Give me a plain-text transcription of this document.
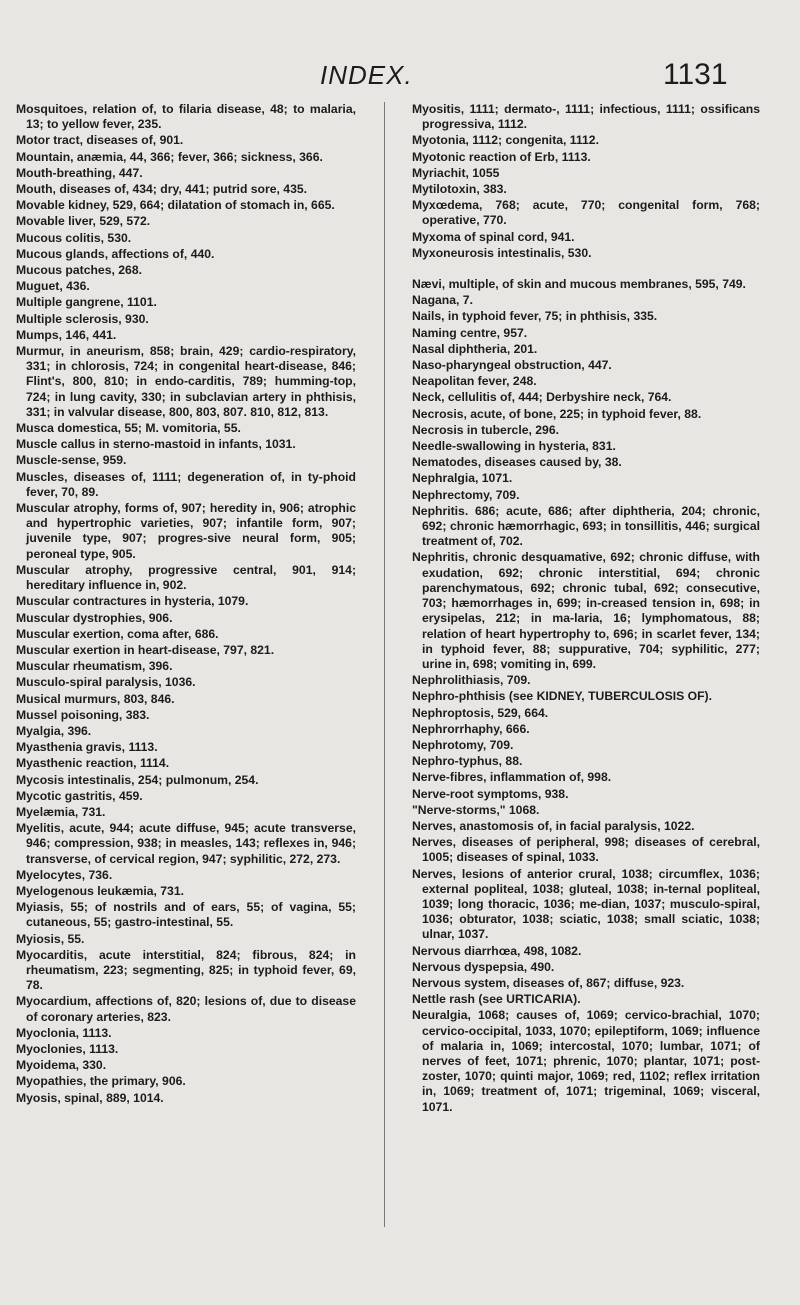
INDEX.	1131

Mosquitoes, relation of, to filaria disease, 48; to malaria, 13; to yellow fever, 235.

Motor tract, diseases of, 901.

Mountain, anæmia, 44, 366; fever, 366; sickness, 366.

Mouth-breathing, 447.

Mouth, diseases of, 434; dry, 441; putrid sore, 435.

Movable kidney, 529, 664; dilatation of stomach in, 665.

Movable liver, 529, 572.

Mucous colitis, 530.

Mucous glands, affections of, 440.

Mucous patches, 268.

Muguet, 436.

Multiple gangrene, 1101.

Multiple sclerosis, 930.

Mumps, 146, 441.

Murmur, in aneurism, 858; brain, 429; cardio-respiratory, 331; in chlorosis, 724; in congenital heart-disease, 846; Flint's, 800, 810; in endo-carditis, 789; humming-top, 724; in lung cavity, 330; in subclavian artery in phthisis, 331; in valvular disease, 800, 803, 807. 810, 812, 813.

Musca domestica, 55; M. vomitoria, 55.

Muscle callus in sterno-mastoid in infants, 1031.

Muscle-sense, 959.

Muscles, diseases of, 1111; degeneration of, in ty-phoid fever, 70, 89.

Muscular atrophy, forms of, 907; heredity in, 906; atrophic and hypertrophic varieties, 907; infantile form, 907; juvenile type, 907; progres-sive neural form, 905; peroneal type, 905.

Muscular atrophy, progressive central, 901, 914; hereditary influence in, 902.

Muscular contractures in hysteria, 1079.

Muscular dystrophies, 906.

Muscular exertion, coma after, 686.

Muscular exertion in heart-disease, 797, 821.

Muscular rheumatism, 396.

Musculo-spiral paralysis, 1036.

Musical murmurs, 803, 846.

Mussel poisoning, 383.

Myalgia, 396.

Myasthenia gravis, 1113.

Myasthenic reaction, 1114.

Mycosis intestinalis, 254; pulmonum, 254.

Mycotic gastritis, 459.

Myelæmia, 731.

Myelitis, acute, 944; acute diffuse, 945; acute transverse, 946; compression, 938; in measles, 143; reflexes in, 946; transverse, of cervical region, 947; syphilitic, 272, 273.

Myelocytes, 736.

Myelogenous leukæmia, 731.

Myiasis, 55; of nostrils and of ears, 55; of vagina, 55; cutaneous, 55; gastro-intestinal, 55.

Myiosis, 55.

Myocarditis, acute interstitial, 824; fibrous, 824; in rheumatism, 223; segmenting, 825; in typhoid fever, 69, 78.

Myocardium, affections of, 820; lesions of, due to disease of coronary arteries, 823.

Myoclonia, 1113.

Myoclonies, 1113.

Myoidema, 330.

Myopathies, the primary, 906.

Myosis, spinal, 889, 1014.

Myositis, 1111; dermato-, 1111; infectious, 1111; ossificans progressiva, 1112.

Myotonia, 1112; congenita, 1112.

Myotonic reaction of Erb, 1113.

Myriachit, 1055

Mytilotoxin, 383.

Myxœdema, 768; acute, 770; congenital form, 768; operative, 770.

Myxoma of spinal cord, 941.

Myxoneurosis intestinalis, 530.

Nævi, multiple, of skin and mucous membranes, 595, 749.

Nagana, 7.

Nails, in typhoid fever, 75; in phthisis, 335.

Naming centre, 957.

Nasal diphtheria, 201.

Naso-pharyngeal obstruction, 447.

Neapolitan fever, 248.

Neck, cellulitis of, 444; Derbyshire neck, 764.

Necrosis, acute, of bone, 225; in typhoid fever, 88.

Necrosis in tubercle, 296.

Needle-swallowing in hysteria, 831.

Nematodes, diseases caused by, 38.

Nephralgia, 1071.

Nephrectomy, 709.

Nephritis. 686; acute, 686; after diphtheria, 204; chronic, 692; chronic hæmorrhagic, 693; in tonsillitis, 446; surgical treatment of, 702.

Nephritis, chronic desquamative, 692; chronic diffuse, with exudation, 692; chronic interstitial, 694; chronic parenchymatous, 692; chronic tubal, 692; consecutive, 703; hæmorrhages in, 699; in-creased tension in, 698; in erysipelas, 212; in ma-laria, 16; lymphomatous, 88; relation of heart hypertrophy to, 696; in scarlet fever, 134; in typhoid fever, 88; suppurative, 704; syphilitic, 277; urine in, 698; vomiting in, 699.

Nephrolithiasis, 709.

Nephro-phthisis (see KIDNEY, TUBERCULOSIS OF).

Nephroptosis, 529, 664.

Nephrorrhaphy, 666.

Nephrotomy, 709.

Nephro-typhus, 88.

Nerve-fibres, inflammation of, 998.

Nerve-root symptoms, 938.

"Nerve-storms," 1068.

Nerves, anastomosis of, in facial paralysis, 1022.

Nerves, diseases of peripheral, 998; diseases of cerebral, 1005; diseases of spinal, 1033.

Nerves, lesions of anterior crural, 1038; circumflex, 1036; external popliteal, 1038; gluteal, 1038; in-ternal popliteal, 1039; long thoracic, 1036; me-dian, 1037; musculo-spiral, 1036; obturator, 1038; sciatic, 1038; small sciatic, 1038; ulnar, 1037.

Nervous diarrhœa, 498, 1082.

Nervous dyspepsia, 490.

Nervous system, diseases of, 867; diffuse, 923.

Nettle rash (see URTICARIA).

Neuralgia, 1068; causes of, 1069; cervico-brachial, 1070; cervico-occipital, 1033, 1070; epileptiform, 1069; influence of malaria in, 1069; intercostal, 1070; lumbar, 1071; of nerves of feet, 1071; phrenic, 1070; plantar, 1071; post-zoster, 1070; quinti major, 1069; red, 1102; reflex irritation in, 1069; treatment of, 1071; trigeminal, 1069; visceral, 1071.
